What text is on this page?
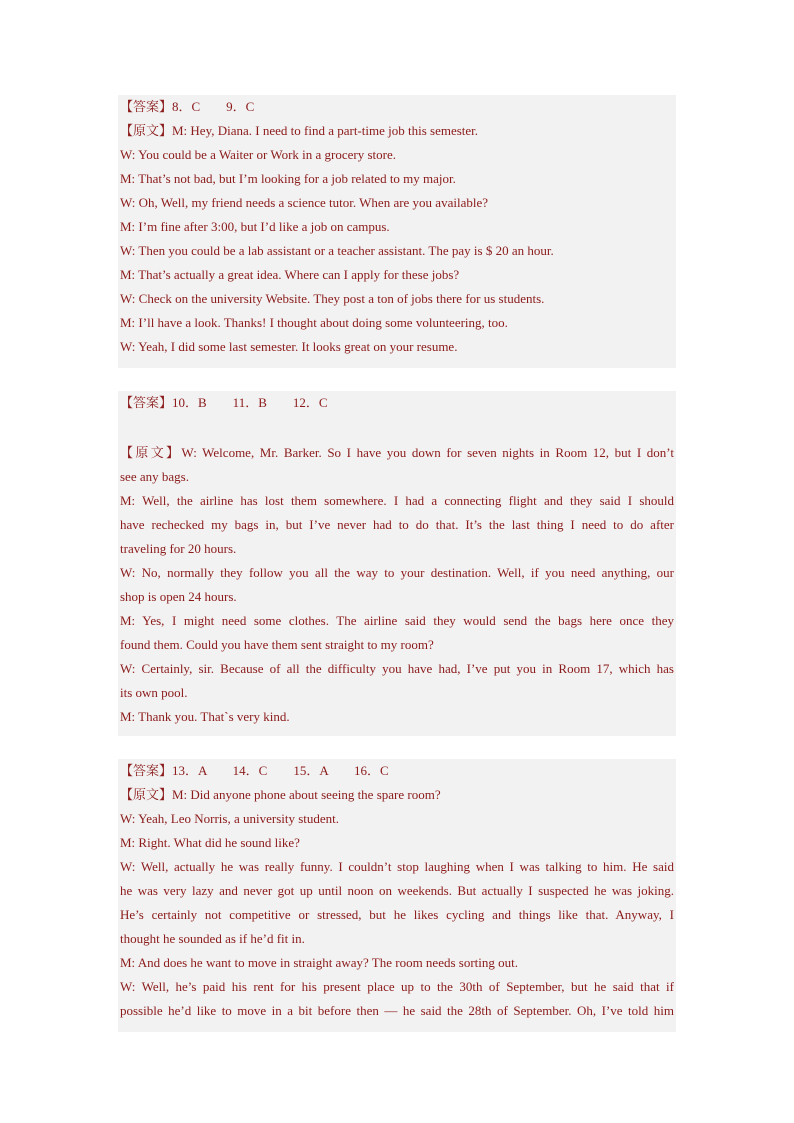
【答案】8．C　　9．C
【原文】M: Hey, Diana. I need to find a part-time job this semester.
W: You could be a Waiter or Work in a grocery store.
M: That’s not bad, but I’m looking for a job related to my major.
W: Oh, Well, my friend needs a science tutor. When are you available?
M: I’m fine after 3:00, but I’d like a job on campus.
W: Then you could be a lab assistant or a teacher assistant. The pay is $ 20 an hour.
M: That’s actually a great idea. Where can I apply for these jobs?
W: Check on the university Website. They post a ton of jobs there for us students.
M: I’ll have a look. Thanks! I thought about doing some volunteering, too.
W: Yeah, I did some last semester. It looks great on your resume.
【答案】10．B　　11．B　　12．C
【原文】W: Welcome, Mr. Barker. So I have you down for seven nights in Room 12, but I don’t
see any bags.
M: Well, the airline has lost them somewhere. I had a connecting flight and they said I should
have rechecked my bags in, but I’ve never had to do that. It’s the last thing I need to do after
traveling for 20 hours.
W: No, normally they follow you all the way to your destination. Well, if you need anything, our
shop is open 24 hours.
M: Yes, I might need some clothes. The airline said they would send the bags here once they
found them. Could you have them sent straight to my room?
W: Certainly, sir. Because of all the difficulty you have had, I’ve put you in Room 17, which has
its own pool.
M: Thank you. That`s very kind.
【答案】13．A　　14．C　　15．A　　16．C
【原文】M: Did anyone phone about seeing the spare room?
W: Yeah, Leo Norris, a university student.
M: Right. What did he sound like?
W: Well, actually he was really funny. I couldn’t stop laughing when I was talking to him. He said
he was very lazy and never got up until noon on weekends. But actually I suspected he was joking.
He’s certainly not competitive or stressed, but he likes cycling and things like that. Anyway, I
thought he sounded as if he’d fit in.
M: And does he want to move in straight away? The room needs sorting out.
W: Well, he’s paid his rent for his present place up to the 30th of September, but he said that if
possible he’d like to move in a bit before then — he said the 28th of September. Oh, I’ve told him
